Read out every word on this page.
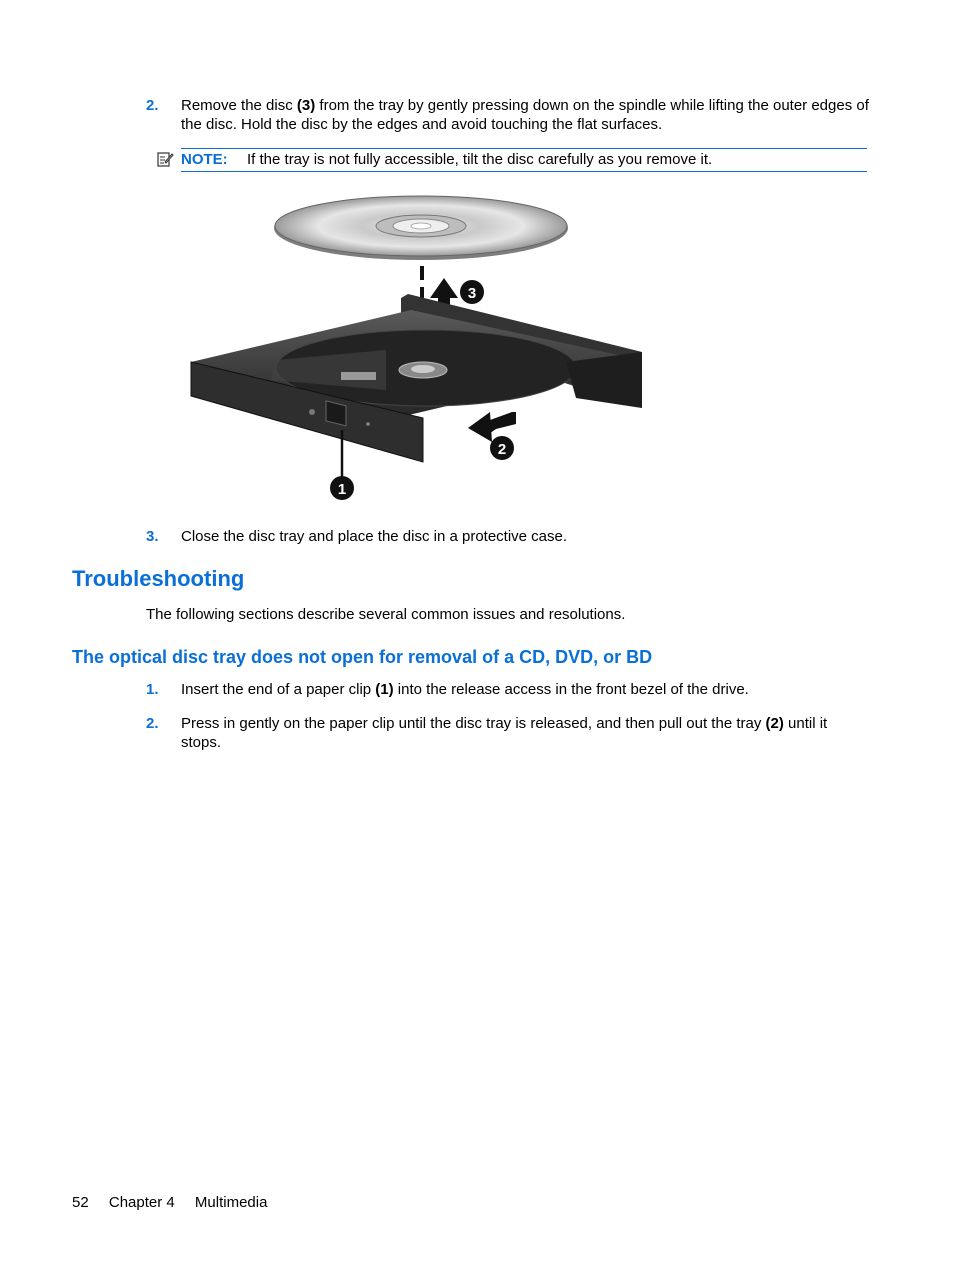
2. Remove the disc (3) from the tray by gently pressing down on the spindle while lifting the outer edges of the disc. Hold the disc by the edges and avoid touching the flat surfaces.
NOTE: If the tray is not fully accessible, tilt the disc carefully as you remove it.
1
2
3
3. Close the disc tray and place the disc in a protective case.
Troubleshooting
The following sections describe several common issues and resolutions.
The optical disc tray does not open for removal of a CD, DVD, or BD
1. Insert the end of a paper clip (1) into the release access in the front bezel of the drive.
2. Press in gently on the paper clip until the disc tray is released, and then pull out the tray (2) until it stops.
52 Chapter 4 Multimedia
